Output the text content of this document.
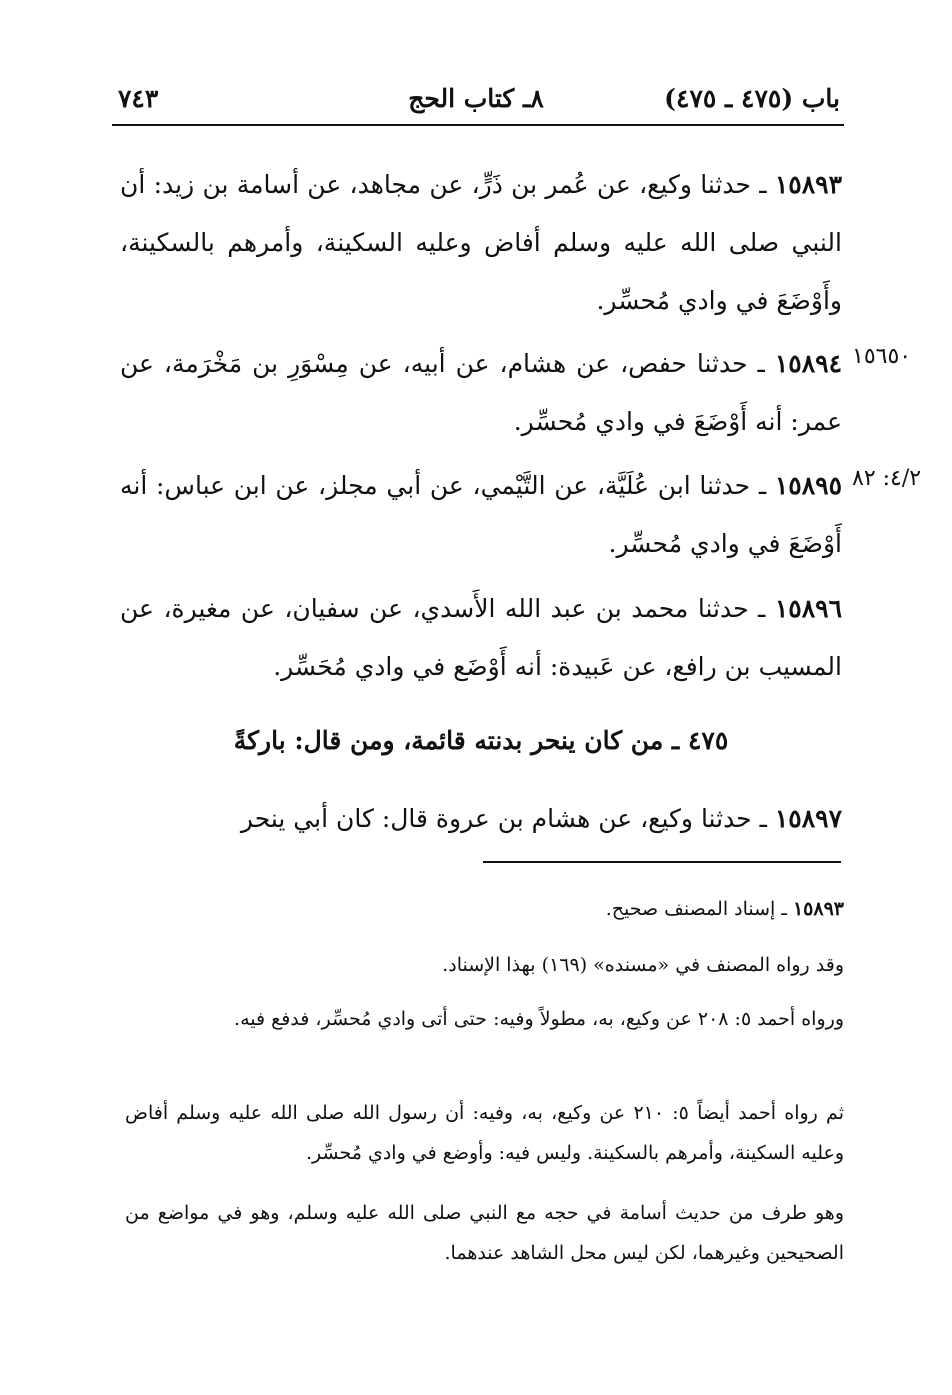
باب (٤٧٥ ـ ٤٧٥)
٨ـ كتاب الحج
٧٤٣
١٥٨٩٣ ـ حدثنا وكيع، عن عُمر بن ذَرٍّ، عن مجاهد، عن أسامة بن زيد: أن النبي صلى الله عليه وسلم أفاض وعليه السكينة، وأمرهم بالسكينة، وأَوْضَعَ في وادي مُحسِّر.
١٥٦٥٠
١٥٨٩٤ ـ حدثنا حفص، عن هشام، عن أبيه، عن مِسْوَرِ بن مَخْرَمة، عن عمر: أنه أَوْضَعَ في وادي مُحسِّر.
٤/٢: ٨٢
١٥٨٩٥ ـ حدثنا ابن عُلَيَّة، عن التَّيْمي، عن أبي مجلز، عن ابن عباس: أنه أَوْضَعَ في وادي مُحسِّر.
١٥٨٩٦ ـ حدثنا محمد بن عبد الله الأَسدي، عن سفيان، عن مغيرة، عن المسيب بن رافع، عن عَبيدة: أنه أَوْضَع في وادي مُحَسِّر.
٤٧٥ ـ من كان ينحر بدنته قائمة، ومن قال: باركةً
١٥٨٩٧ ـ حدثنا وكيع، عن هشام بن عروة قال: كان أبي ينحر
١٥٨٩٣ ـ إسناد المصنف صحيح.
وقد رواه المصنف في «مسنده» (١٦٩) بهذا الإسناد.
ورواه أحمد ٥: ٢٠٨ عن وكيع، به، مطولاً وفيه: حتى أتى وادي مُحسِّر، فدفع فيه.
ثم رواه أحمد أيضاً ٥: ٢١٠ عن وكيع، به، وفيه: أن رسول الله صلى الله عليه وسلم أفاض وعليه السكينة، وأمرهم بالسكينة. وليس فيه: وأوضع في وادي مُحسِّر.
وهو طرف من حديث أسامة في حجه مع النبي صلى الله عليه وسلم، وهو في مواضع من الصحيحين وغيرهما، لكن ليس محل الشاهد عندهما.
